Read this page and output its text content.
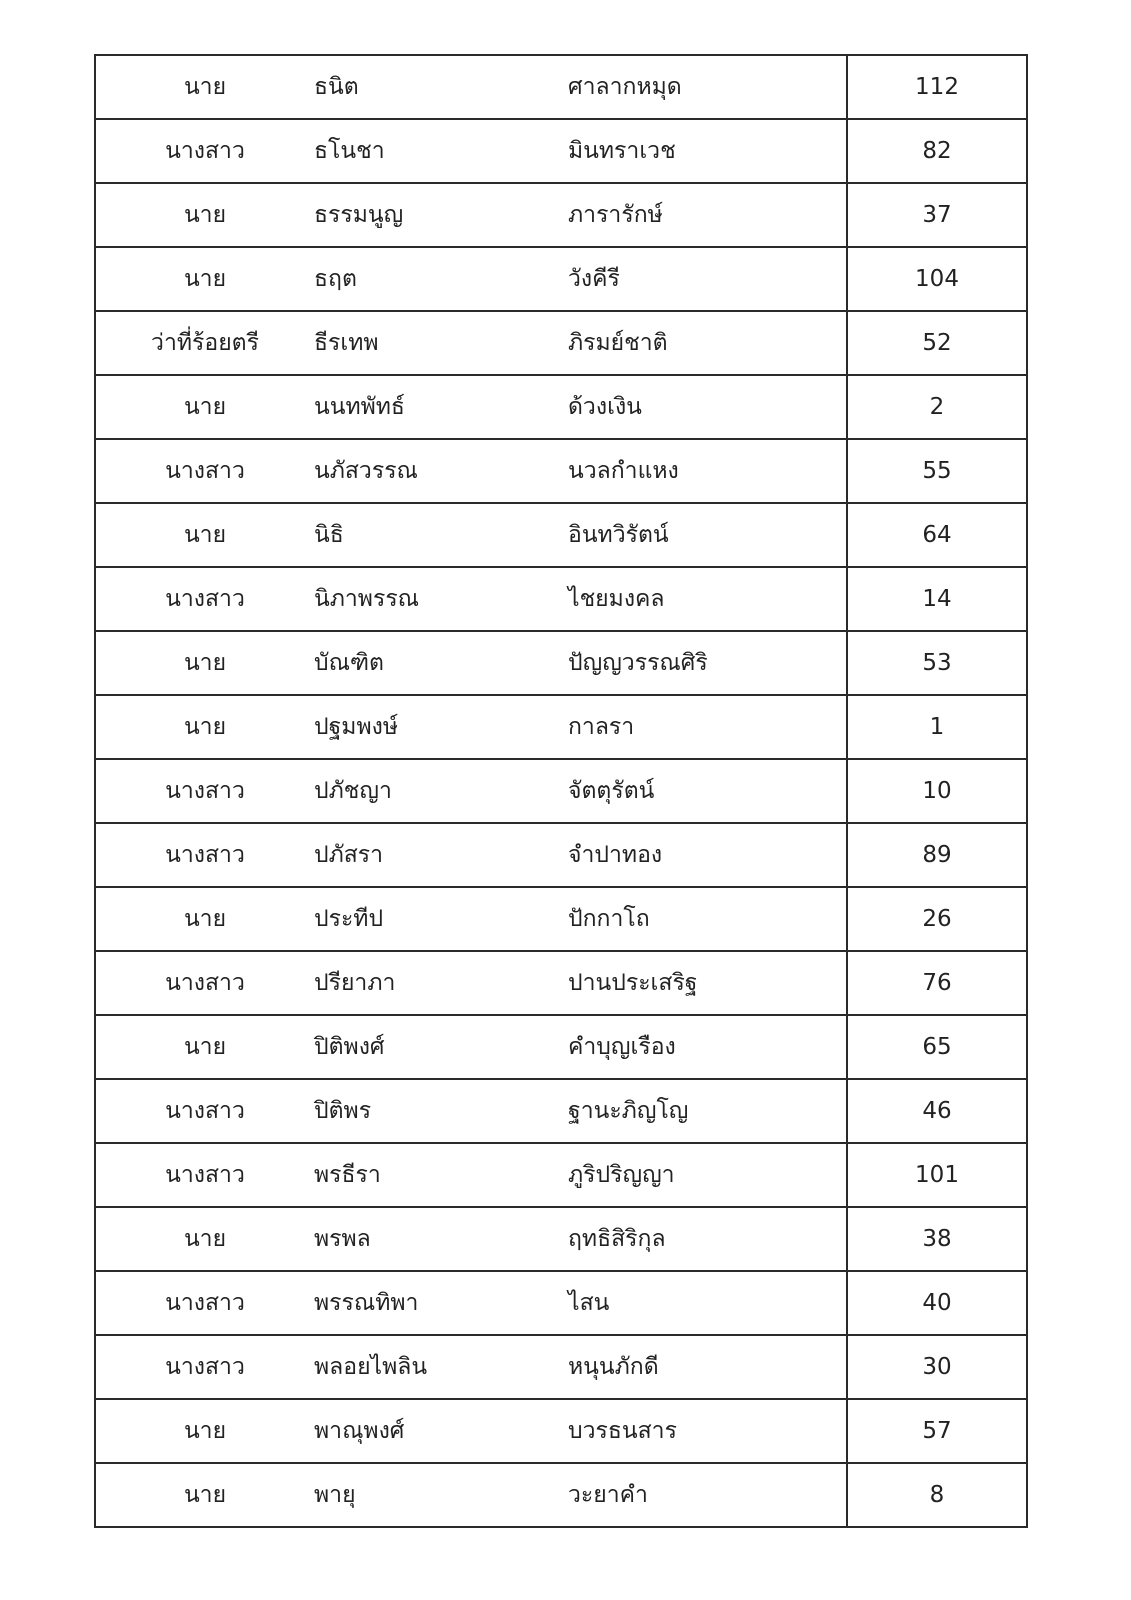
นาย	ธนิต	ศาลากหมุด	112
นางสาว	ธโนชา	มินทราเวช	82
นาย	ธรรมนูญ	ภารารักษ์	37
นาย	ธฤต	วังคีรี	104
ว่าที่ร้อยตรี	ธีรเทพ	ภิรมย์ชาติ	52
นาย	นนทพัทธ์	ด้วงเงิน	2
นางสาว	นภัสวรรณ	นวลกำแหง	55
นาย	นิธิ	อินทวิรัตน์	64
นางสาว	นิภาพรรณ	ไชยมงคล	14
นาย	บัณฑิต	ปัญญวรรณศิริ	53
นาย	ปฐมพงษ์	กาลรา	1
นางสาว	ปภัชญา	จัตตุรัตน์	10
นางสาว	ปภัสรา	จำปาทอง	89
นาย	ประทีป	ปักกาโถ	26
นางสาว	ปรียาภา	ปานประเสริฐ	76
นาย	ปิติพงศ์	คำบุญเรือง	65
นางสาว	ปิติพร	ฐานะภิญโญ	46
นางสาว	พรธีรา	ภูริปริญญา	101
นาย	พรพล	ฤทธิสิริกุล	38
นางสาว	พรรณทิพา	ไสน	40
นางสาว	พลอยไพลิน	หนุนภักดี	30
นาย	พาณุพงศ์	บวรธนสาร	57
นาย	พายุ	วะยาคำ	8
